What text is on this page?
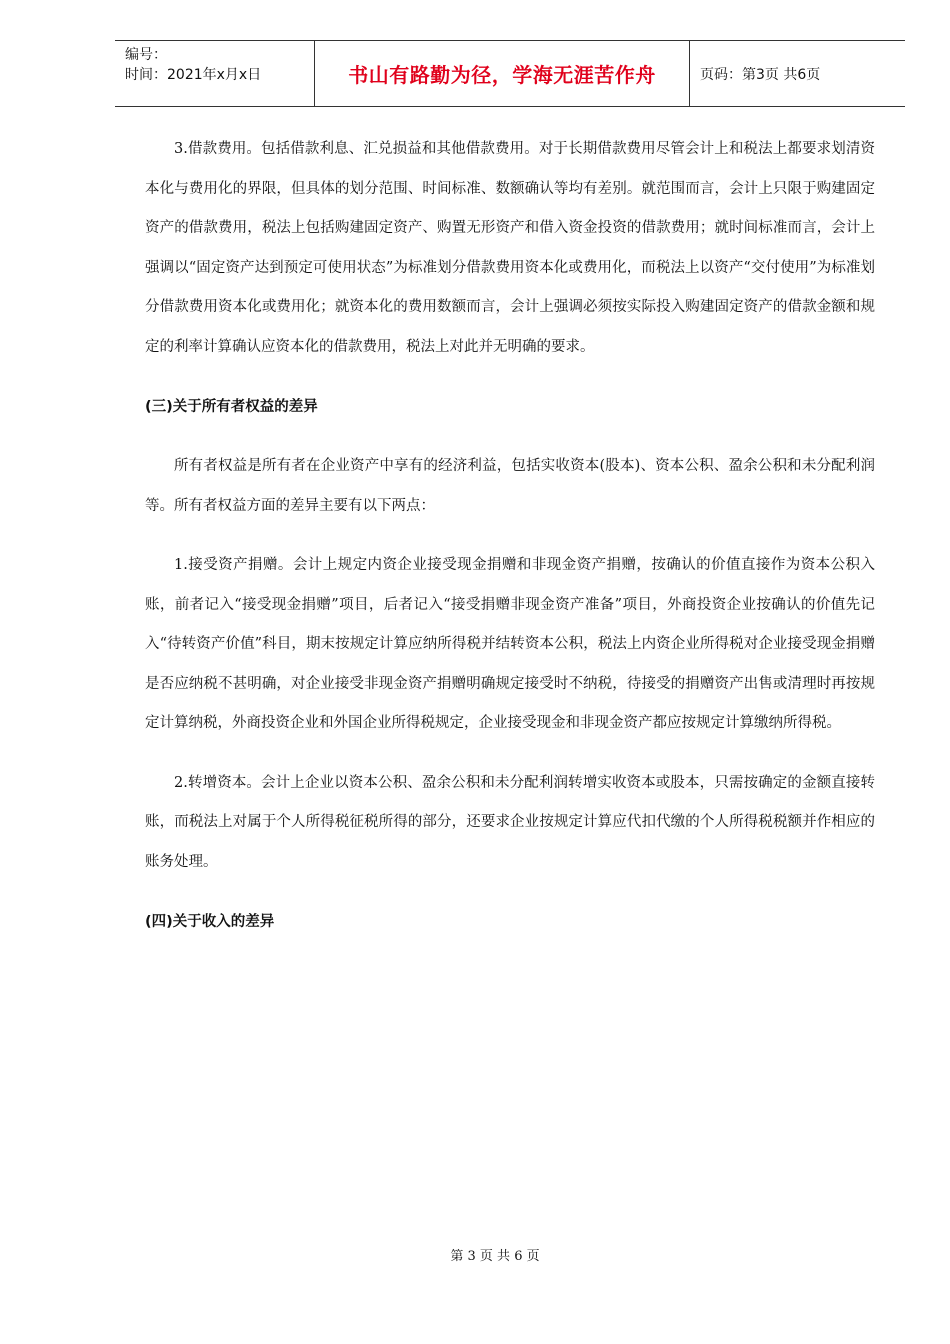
编号：
时间：2021年x月x日	书山有路勤为径，学海无涯苦作舟	页码：第3页 共6页

3.借款费用。包括借款利息、汇兑损益和其他借款费用。对于长期借款费用尽管会计上和税法上都要求划清资本化与费用化的界限，但具体的划分范围、时间标准、数额确认等均有差别。就范围而言，会计上只限于购建固定资产的借款费用，税法上包括购建固定资产、购置无形资产和借入资金投资的借款费用；就时间标准而言，会计上强调以“固定资产达到预定可使用状态”为标准划分借款费用资本化或费用化，而税法上以资产“交付使用”为标准划分借款费用资本化或费用化；就资本化的费用数额而言，会计上强调必须按实际投入购建固定资产的借款金额和规定的利率计算确认应资本化的借款费用，税法上对此并无明确的要求。

(三)关于所有者权益的差异

所有者权益是所有者在企业资产中享有的经济利益，包括实收资本(股本)、资本公积、盈余公积和未分配利润等。所有者权益方面的差异主要有以下两点：

1.接受资产捐赠。会计上规定内资企业接受现金捐赠和非现金资产捐赠，按确认的价值直接作为资本公积入账，前者记入“接受现金捐赠”项目，后者记入“接受捐赠非现金资产准备”项目，外商投资企业按确认的价值先记入“待转资产价值”科目，期末按规定计算应纳所得税并结转资本公积，税法上内资企业所得税对企业接受现金捐赠是否应纳税不甚明确，对企业接受非现金资产捐赠明确规定接受时不纳税，待接受的捐赠资产出售或清理时再按规定计算纳税，外商投资企业和外国企业所得税规定，企业接受现金和非现金资产都应按规定计算缴纳所得税。

2.转增资本。会计上企业以资本公积、盈余公积和未分配利润转增实收资本或股本，只需按确定的金额直接转账，而税法上对属于个人所得税征税所得的部分，还要求企业按规定计算应代扣代缴的个人所得税税额并作相应的账务处理。

(四)关于收入的差异
第 3 页 共 6 页
